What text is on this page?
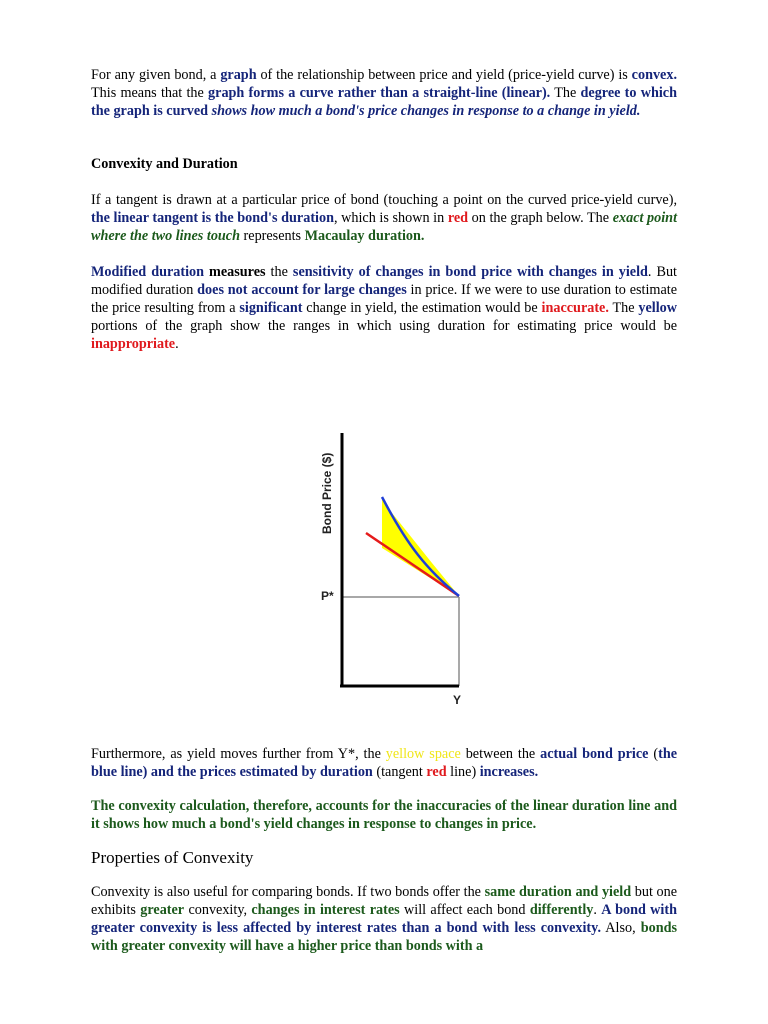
For any given bond, a graph of the relationship between price and yield (price-yield curve) is convex. This means that the graph forms a curve rather than a straight-line (linear). The degree to which the graph is curved shows how much a bond's price changes in response to a change in yield.

Convexity and Duration

If a tangent is drawn at a particular price of bond (touching a point on the curved price-yield curve), the linear tangent is the bond's duration, which is shown in red on the graph below. The exact point where the two lines touch represents Macaulay duration.

Modified duration measures the sensitivity of changes in bond price with changes in yield. But modified duration does not account for large changes in price. If we were to use duration to estimate the price resulting from a significant change in yield, the estimation would be inaccurate. The yellow portions of the graph show the ranges in which using duration for estimating price would be inappropriate.

Bond Price ($)
P*
Y

Furthermore, as yield moves further from Y*, the yellow space between the actual bond price (the blue line) and the prices estimated by duration (tangent red line) increases.

The convexity calculation, therefore, accounts for the inaccuracies of the linear duration line and it shows how much a bond's yield changes in response to changes in price.

Properties of Convexity

Convexity is also useful for comparing bonds. If two bonds offer the same duration and yield but one exhibits greater convexity, changes in interest rates will affect each bond differently. A bond with greater convexity is less affected by interest rates than a bond with less convexity. Also, bonds with greater convexity will have a higher price than bonds with a
